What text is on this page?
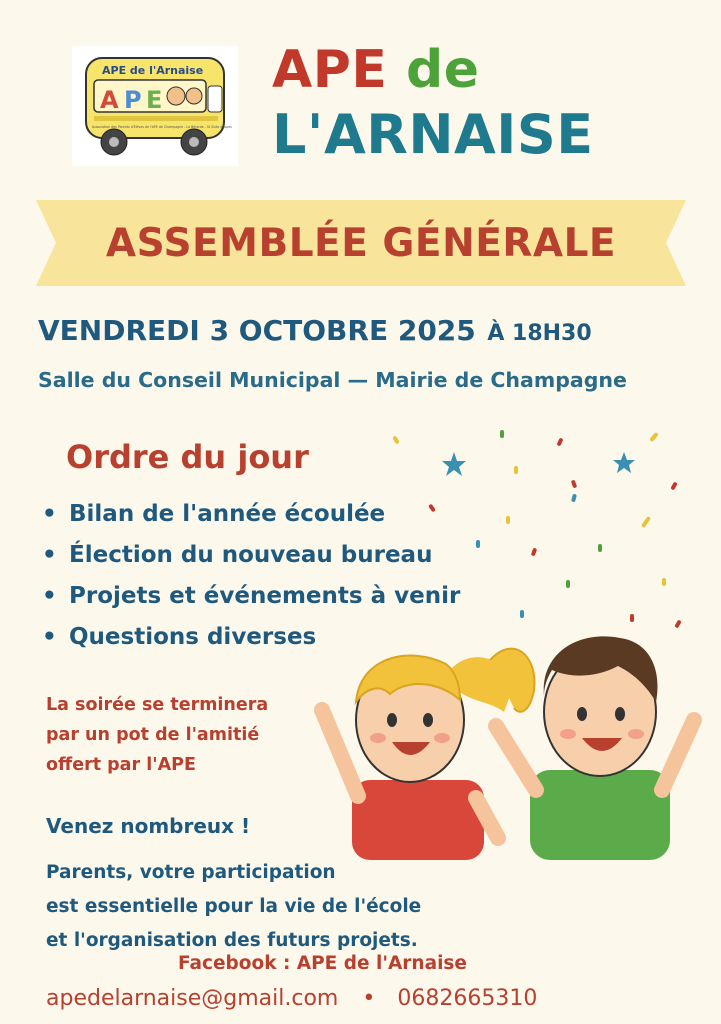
A P E
APE de l'Arnaise
Association des Parents d'Élèves de l'APE de Champagne - La Bérarde - St Sixte d'Alpes
APE de
L'ARNAISE
ASSEMBLÉE GÉNÉRALE
VENDREDI 3 OCTOBRE 2025 À 18H30
Salle du Conseil Municipal — Mairie de Champagne
Ordre du jour
• Bilan de l'année écoulée
• Élection du nouveau bureau
• Projets et événements à venir
• Questions diverses
La soirée se terminera
par un pot de l'amitié
offert par l'APE
Venez nombreux !
Parents, votre participation
est essentielle pour la vie de l'école
et l'organisation des futurs projets.
Facebook : APE de l'Arnaise
apedelarnaise@gmail.com • 0682665310
